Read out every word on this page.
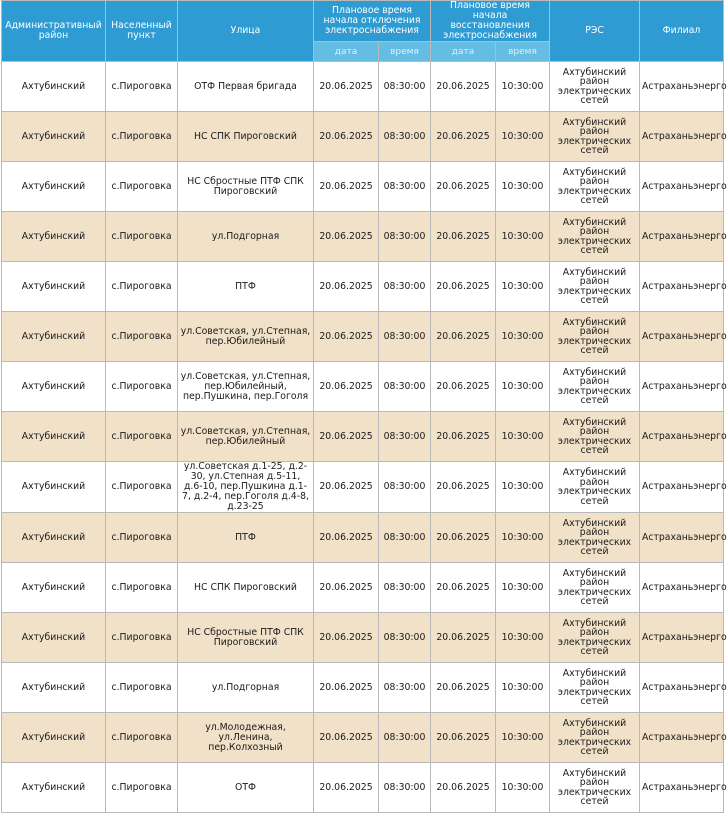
Административный район	Населенный пункт	Улица	Плановое время начала отключения электроснабжения		Плановое время начала восстановления электроснабжения		РЭС	Филиал
			дата	время	дата	время		
Ахтубинский	с.Пироговка	ОТФ Первая бригада	20.06.2025	08:30:00	20.06.2025	10:30:00	Ахтубинский район электрических сетей	Астраханьэнерго
Ахтубинский	с.Пироговка	НС СПК Пироговский	20.06.2025	08:30:00	20.06.2025	10:30:00	Ахтубинский район электрических сетей	Астраханьэнерго
Ахтубинский	с.Пироговка	НС Сбростные ПТФ СПК Пироговский	20.06.2025	08:30:00	20.06.2025	10:30:00	Ахтубинский район электрических сетей	Астраханьэнерго
Ахтубинский	с.Пироговка	ул.Подгорная	20.06.2025	08:30:00	20.06.2025	10:30:00	Ахтубинский район электрических сетей	Астраханьэнерго
Ахтубинский	с.Пироговка	ПТФ	20.06.2025	08:30:00	20.06.2025	10:30:00	Ахтубинский район электрических сетей	Астраханьэнерго
Ахтубинский	с.Пироговка	ул.Советская, ул.Степная, пер.Юбилейный	20.06.2025	08:30:00	20.06.2025	10:30:00	Ахтубинский район электрических сетей	Астраханьэнерго
Ахтубинский	с.Пироговка	ул.Советская, ул.Степная, пер.Юбилейный, пер.Пушкина, пер.Гоголя	20.06.2025	08:30:00	20.06.2025	10:30:00	Ахтубинский район электрических сетей	Астраханьэнерго
Ахтубинский	с.Пироговка	ул.Советская, ул.Степная, пер.Юбилейный	20.06.2025	08:30:00	20.06.2025	10:30:00	Ахтубинский район электрических сетей	Астраханьэнерго
Ахтубинский	с.Пироговка	ул.Советская д.1-25, д.2-30, ул.Степная д.5-11, д.6-10, пер.Пушкина д.1-7, д.2-4, пер.Гоголя д.4-8, д.23-25	20.06.2025	08:30:00	20.06.2025	10:30:00	Ахтубинский район электрических сетей	Астраханьэнерго
Ахтубинский	с.Пироговка	ПТФ	20.06.2025	08:30:00	20.06.2025	10:30:00	Ахтубинский район электрических сетей	Астраханьэнерго
Ахтубинский	с.Пироговка	НС СПК Пироговский	20.06.2025	08:30:00	20.06.2025	10:30:00	Ахтубинский район электрических сетей	Астраханьэнерго
Ахтубинский	с.Пироговка	НС Сбростные ПТФ СПК Пироговский	20.06.2025	08:30:00	20.06.2025	10:30:00	Ахтубинский район электрических сетей	Астраханьэнерго
Ахтубинский	с.Пироговка	ул.Подгорная	20.06.2025	08:30:00	20.06.2025	10:30:00	Ахтубинский район электрических сетей	Астраханьэнерго
Ахтубинский	с.Пироговка	ул.Молодежная, ул.Ленина, пер.Колхозный	20.06.2025	08:30:00	20.06.2025	10:30:00	Ахтубинский район электрических сетей	Астраханьэнерго
Ахтубинский	с.Пироговка	ОТФ	20.06.2025	08:30:00	20.06.2025	10:30:00	Ахтубинский район электрических сетей	Астраханьэнерго
